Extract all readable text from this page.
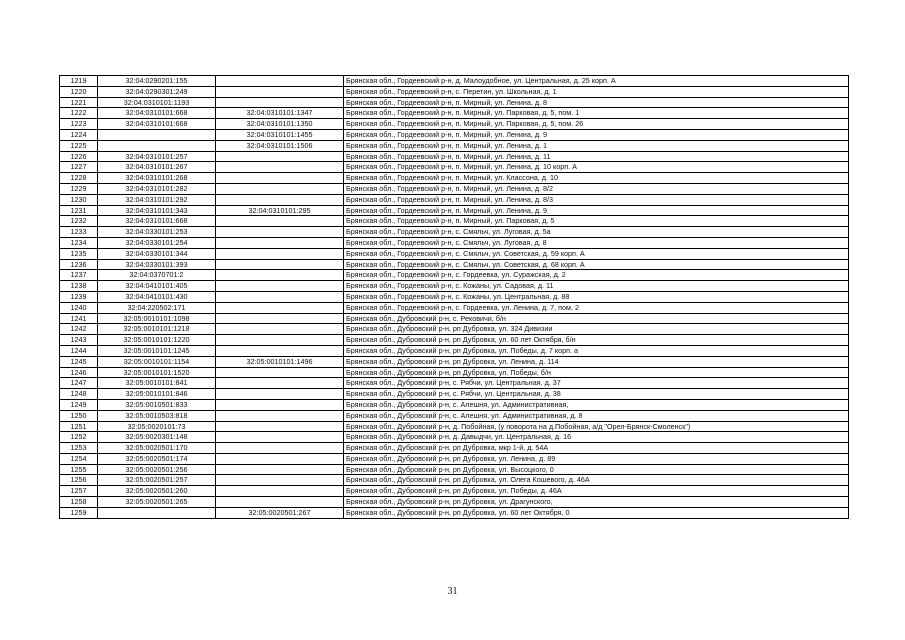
1219	32:04:0290201:155		Брянская обл., Гордеевский р-н, д. Малоудобное, ул. Центральная, д. 25 корп. А
1220	32:04:0290301:249		Брянская обл., Гордеевский р-н, с. Перетин, ул. Школьная, д. 1
1221	32:04:0310101:1193		Брянская обл., Гордеевский р-н, п. Мирный, ул. Ленина, д. 8
1222	32:04:0310101:668	32:04:0310101:1347	Брянская обл., Гордеевский р-н, п. Мирный, ул. Парковая, д. 5, пом. 1
1223	32:04:0310101:668	32:04:0310101:1350	Брянская обл., Гордеевский р-н, п. Мирный, ул. Парковая, д. 5, пом. 26
1224		32:04:0310101:1455	Брянская обл., Гордеевский р-н, п. Мирный, ул. Ленина, д. 9
1225		32:04:0310101:1506	Брянская обл., Гордеевский р-н, п. Мирный, ул. Ленина, д. 1
1226	32:04:0310101:257		Брянская обл., Гордеевский р-н, п. Мирный, ул. Ленина, д. 11
1227	32:04:0310101:267		Брянская обл., Гордеевский р-н, п. Мирный, ул. Ленина, д. 10 корп. А
1228	32:04:0310101:268		Брянская обл., Гордеевский р-н, п. Мирный, ул. Классона, д. 10
1229	32:04:0310101:282		Брянская обл., Гордеевский р-н, п. Мирный, ул. Ленина, д. 8/2
1230	32:04:0310101:292		Брянская обл., Гордеевский р-н, п. Мирный, ул. Ленина, д. 8/3
1231	32:04:0310101:343	32:04:0310101:295	Брянская обл., Гордеевский р-н, п. Мирный, ул. Ленина, д. 9
1232	32:04:0310101:668		Брянская обл., Гордеевский р-н, п. Мирный, ул. Парковая, д. 5
1233	32:04:0330101:253		Брянская обл., Гордеевский р-н, с. Смяльч, ул. Луговая, д. 5а
1234	32:04:0330101:254		Брянская обл., Гордеевский р-н, с. Смяльч, ул. Луговая, д. 8
1235	32:04:0330101:344		Брянская обл., Гордеевский р-н, с. Смяльч, ул. Советская, д. 59 корп. А
1236	32:04:0330101:393		Брянская обл., Гордеевский р-н, с. Смяльч, ул. Советская, д. 68 корп. А
1237	32:04:0370701:2		Брянская обл., Гордеевский р-н, с. Гордеевка, ул. Суражская, д. 2
1238	32:04:0410101:405		Брянская обл., Гордеевский р-н, с. Кожаны, ул. Садовая, д. 11
1239	32:04:0410101:430		Брянская обл., Гордеевский р-н, с. Кожаны, ул. Центральная, д. 88
1240	32:04:220502:171		Брянская обл., Гордеевский р-н, с. Гордеевка, ул. Ленина, д. 7, пом. 2
1241	32:05:0010101:1098		Брянская обл., Дубровский р-н, с. Рековичи, б/н
1242	32:05:0010101:1218		Брянская обл., Дубровский р-н, рп Дубровка, ул. 324 Дивизии
1243	32:05:0010101:1220		Брянская обл., Дубровский р-н, рп Дубровка, ул. 60 лет Октября, б/н
1244	32:05:0010101:1245		Брянская обл., Дубровский р-н, рп Дубровка, ул. Победы, д. 7 корп. а
1245	32:05:0010101:1154	32:05:0010101:1496	Брянская обл., Дубровский р-н, рп Дубровка, ул. Ленина, д. 114
1246	32:05:0010101:1520		Брянская обл., Дубровский р-н, рп Дубровка, ул. Победы, б/н
1247	32:05:0010101:841		Брянская обл., Дубровский р-н, с. Рябчи, ул. Центральная, д. 37
1248	32:05:0010101:846		Брянская обл., Дубровский р-н, с. Рябчи, ул. Центральная, д. 38
1249	32:05:0010501:833		Брянская обл., Дубровский р-н, с. Алешня, ул. Административная,
1250	32:05:0010503:818		Брянская обл., Дубровский р-н, с. Алешня, ул. Административная, д. 8
1251	32:05:0020101:73		Брянская обл., Дубровский р-н, д. Побойная, (у поворота на д.Побойная, а/д "Орел-Брянск-Смоленск")
1252	32:05:0020301:148		Брянская обл., Дубровский р-н, д. Давыдчи, ул. Центральная, д. 16
1253	32:05:0020501:170		Брянская обл., Дубровский р-н, рп Дубровка, мкр 1-й, д. 54А
1254	32:05:0020501:174		Брянская обл., Дубровский р-н, рп Дубровка, ул. Ленина, д. 89
1255	32:05:0020501:256		Брянская обл., Дубровский р-н, рп Дубровка, ул. Высоцкого, 0
1256	32:05:0020501:257		Брянская обл., Дубровский р-н, рп Дубровка, ул. Олега Кошевого, д. 46А
1257	32:05:0020501:260		Брянская обл., Дубровский р-н, рп Дубровка, ул. Победы, д. 46А
1258	32:05:0020501:265		Брянская обл., Дубровский р-н, рп Дубровка, ул. Драгунского,
1259		32:05:0020501:267	Брянская обл., Дубровский р-н, рп Дубровка, ул. 60 лет Октября, 0
31
